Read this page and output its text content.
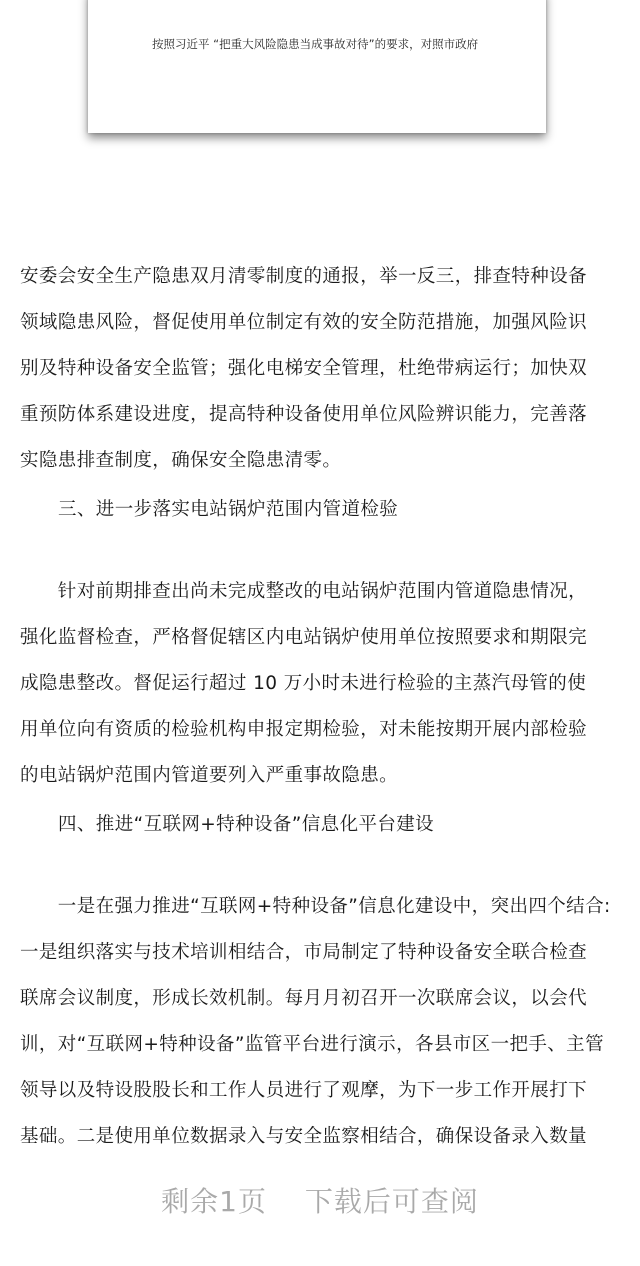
按照习近平 “把重大风险隐患当成事故对待”的要求，对照市政府

安委会安全生产隐患双月清零制度的通报，举一反三，排查特种设备

领域隐患风险，督促使用单位制定有效的安全防范措施，加强风险识

别及特种设备安全监管；强化电梯安全管理，杜绝带病运行；加快双

重预防体系建设进度，提高特种设备使用单位风险辨识能力，完善落

实隐患排查制度，确保安全隐患清零。

三、进一步落实电站锅炉范围内管道检验

　　针对前期排查出尚未完成整改的电站锅炉范围内管道隐患情况，

强化监督检查，严格督促辖区内电站锅炉使用单位按照要求和期限完

成隐患整改。督促运行超过 10 万小时未进行检验的主蒸汽母管的使

用单位向有资质的检验机构申报定期检验，对未能按期开展内部检验

的电站锅炉范围内管道要列入严重事故隐患。

四、推进“互联网+特种设备”信息化平台建设

　　一是在强力推进“互联网+特种设备”信息化建设中，突出四个结合:

一是组织落实与技术培训相结合，市局制定了特种设备安全联合检查

联席会议制度，形成长效机制。每月月初召开一次联席会议，以会代

训，对“互联网+特种设备”监管平台进行演示，各县市区一把手、主管

领导以及特设股股长和工作人员进行了观摩，为下一步工作开展打下

基础。二是使用单位数据录入与安全监察相结合，确保设备录入数量

剩余1页 下载后可查阅
